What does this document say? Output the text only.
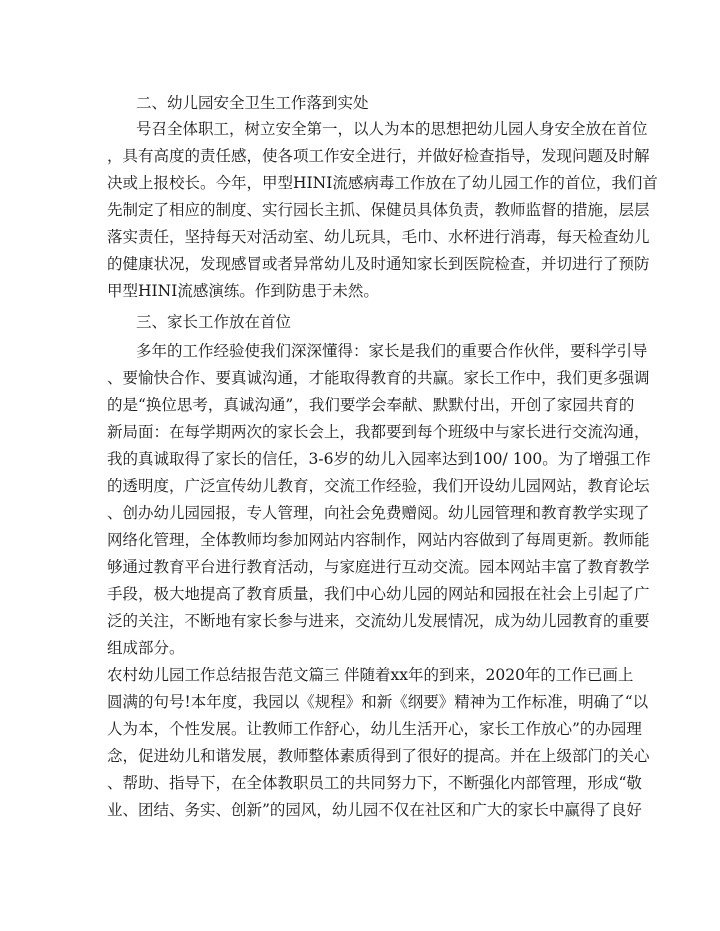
二、幼儿园安全卫生工作落到实处
号召全体职工，树立安全第一，以人为本的思想把幼儿园人身安全放在首位
，具有高度的责任感，使各项工作安全进行，并做好检查指导，发现问题及时解
决或上报校长。今年，甲型HINI流感病毒工作放在了幼儿园工作的首位，我们首
先制定了相应的制度、实行园长主抓、保健员具体负责，教师监督的措施，层层
落实责任，坚持每天对活动室、幼儿玩具，毛巾、水杯进行消毒，每天检查幼儿
的健康状况，发现感冒或者异常幼儿及时通知家长到医院检查，并切进行了预防
甲型HINI流感演练。作到防患于未然。
三、家长工作放在首位
多年的工作经验使我们深深懂得：家长是我们的重要合作伙伴，要科学引导
、要愉快合作、要真诚沟通，才能取得教育的共赢。家长工作中，我们更多强调
的是“换位思考，真诚沟通”，我们要学会奉献、默默付出，开创了家园共育的
新局面：在每学期两次的家长会上，我都要到每个班级中与家长进行交流沟通，
我的真诚取得了家长的信任，3-6岁的幼儿入园率达到100/ 100。为了增强工作
的透明度，广泛宣传幼儿教育，交流工作经验，我们开设幼儿园网站，教育论坛
、创办幼儿园园报，专人管理，向社会免费赠阅。幼儿园管理和教育教学实现了
网络化管理，全体教师均参加网站内容制作，网站内容做到了每周更新。教师能
够通过教育平台进行教育活动，与家庭进行互动交流。园本网站丰富了教育教学
手段，极大地提高了教育质量，我们中心幼儿园的网站和园报在社会上引起了广
泛的关注，不断地有家长参与进来，交流幼儿发展情况，成为幼儿园教育的重要
组成部分。
农村幼儿园工作总结报告范文篇三 伴随着xx年的到来，2020年的工作已画上
圆满的句号!本年度，我园以《规程》和新《纲要》精神为工作标准，明确了“以
人为本，个性发展。让教师工作舒心，幼儿生活开心，家长工作放心”的办园理
念，促进幼儿和谐发展，教师整体素质得到了很好的提高。并在上级部门的关心
、帮助、指导下，在全体教职员工的共同努力下，不断强化内部管理，形成“敬
业、团结、务实、创新”的园风，幼儿园不仅在社区和广大的家长中赢得了良好
